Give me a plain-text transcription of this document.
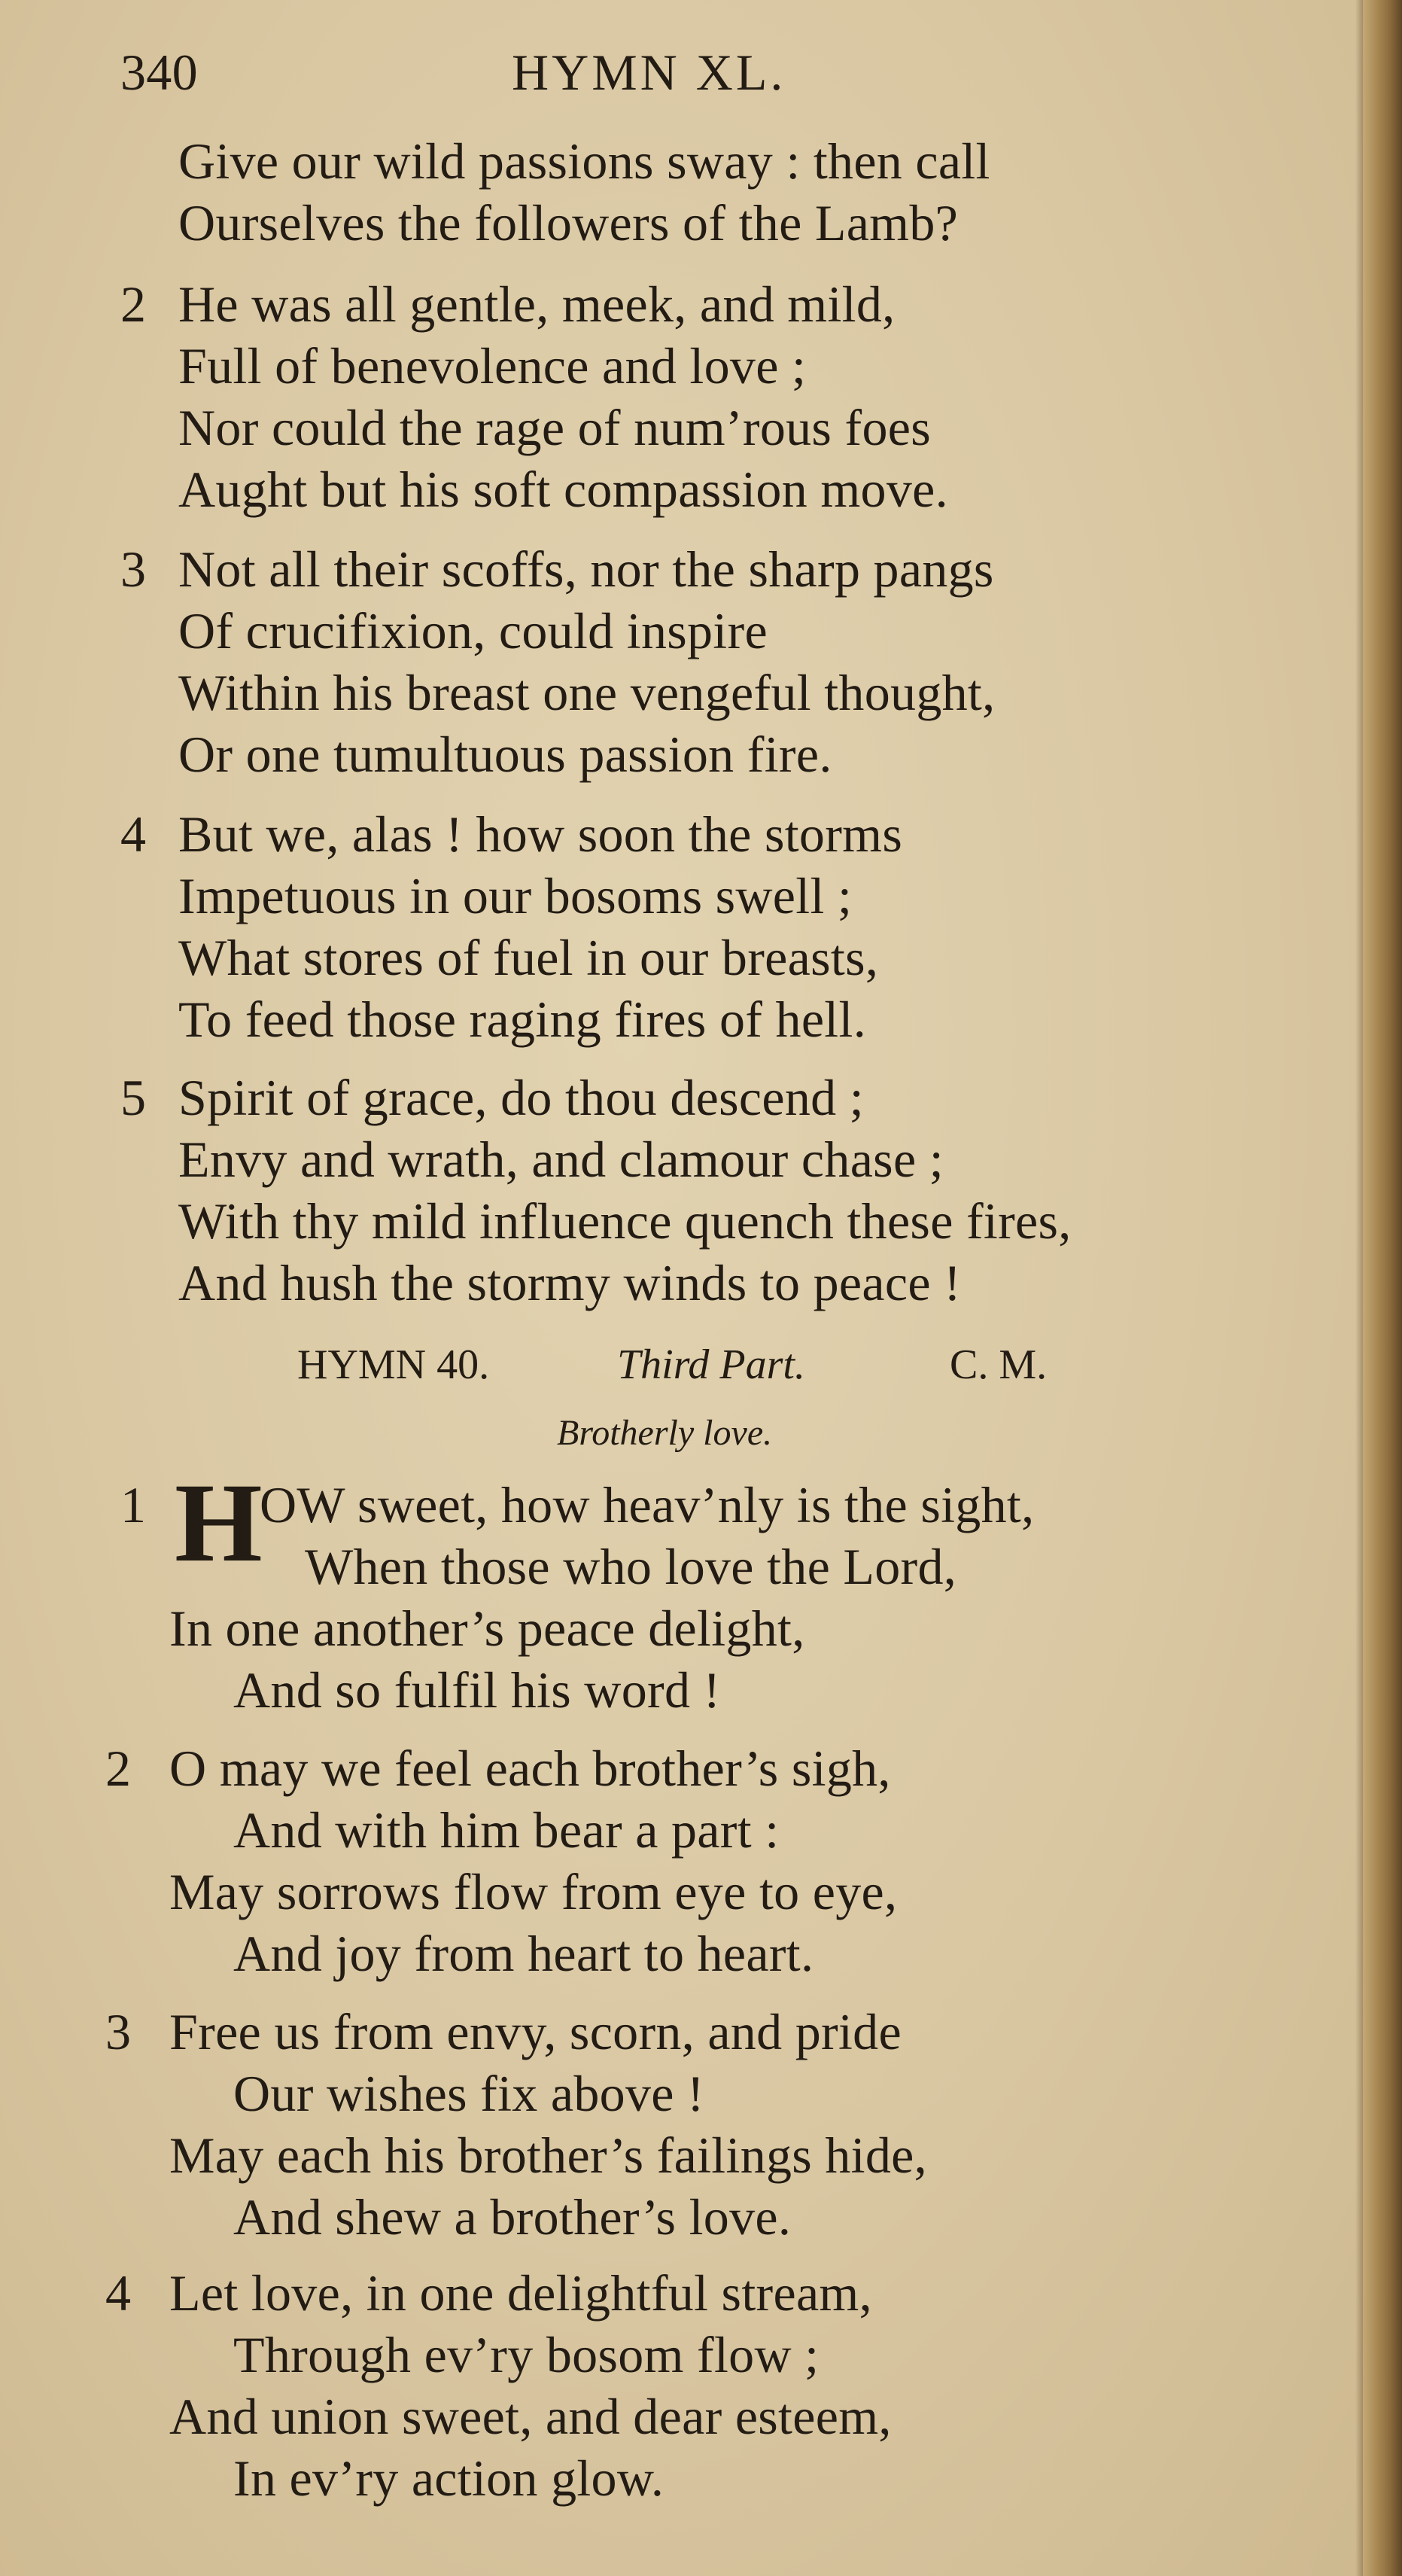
340	HYMN XL.
Give our wild passions sway : then call
Ourselves the followers of the Lamb?
2 He was all gentle, meek, and mild,
Full of benevolence and love ;
Nor could the rage of num’rous foes
Aught but his soft compassion move.
3 Not all their scoffs, nor the sharp pangs
Of crucifixion, could inspire
Within his breast one vengeful thought,
Or one tumultuous passion fire.
4 But we, alas ! how soon the storms
Impetuous in our bosoms swell ;
What stores of fuel in our breasts,
To feed those raging fires of hell.
5 Spirit of grace, do thou descend ;
Envy and wrath, and clamour chase ;
With thy mild influence quench these fires,
And hush the stormy winds to peace !
HYMN 40.	Third Part.	C. M.
Brotherly love.
1 H
OW sweet, how heav’nly is the sight,
When those who love the Lord,
In one another’s peace delight,
And so fulfil his word !
2 O may we feel each brother’s sigh,
And with him bear a part :
May sorrows flow from eye to eye,
And joy from heart to heart.
3 Free us from envy, scorn, and pride
Our wishes fix above !
May each his brother’s failings hide,
And shew a brother’s love.
4 Let love, in one delightful stream,
Through ev’ry bosom flow ;
And union sweet, and dear esteem,
In ev’ry action glow.
